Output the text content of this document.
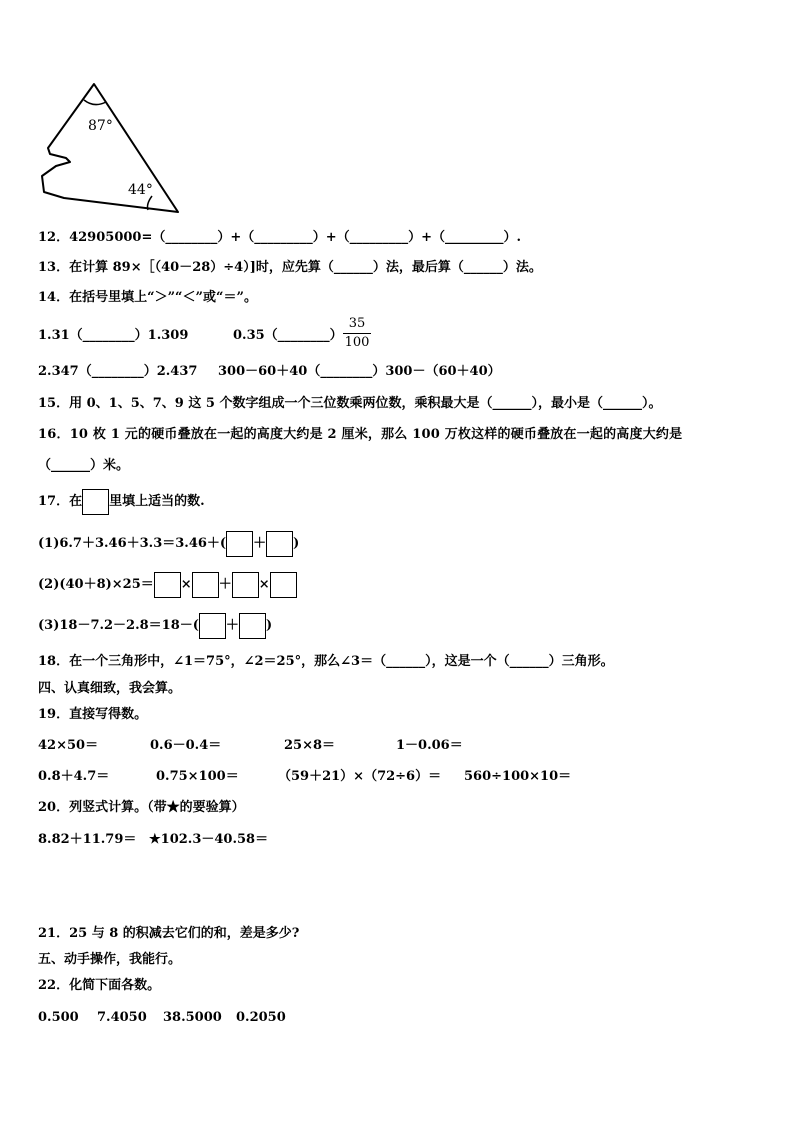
87°
44°
12．42905000=（________）+（_________）+（_________）+（_________）.
13．在计算 89×［（40－28）÷4）]时，应先算（______）法，最后算（______）法。
14．在括号里填上“＞”“＜”或“＝”。
1.31（________）1.309	0.35（________）
35
100
2.347（________）2.437 300－60＋40（________）300－（60＋40）
15．用 0、1、5、7、9 这 5 个数字组成一个三位数乘两位数，乘积最大是（______），最小是（______）。
16．10 枚 1 元的硬币叠放在一起的高度大约是 2 厘米，那么 100 万枚这样的硬币叠放在一起的高度大约是
（______）米。
17．在 里填上适当的数.
(1)6.7＋3.46＋3.3＝3.46＋( ＋ )
(2)(40＋8)×25＝ × ＋ ×
(3)18－7.2－2.8＝18－( ＋ )
18．在一个三角形中，∠1＝75°，∠2＝25°，那么∠3＝（______），这是一个（______）三角形。
四、认真细致，我会算。
19．直接写得数。
42×50＝	0.6－0.4＝	25×8＝	1－0.06＝
0.8＋4.7＝	0.75×100＝	（59＋21）×（72÷6）＝ 560÷100×10＝
20．列竖式计算。（带★的要验算）
8.82＋11.79＝ ★102.3－40.58＝
21．25 与 8 的积减去它们的和，差是多少?
五、动手操作，我能行。
22．化简下面各数。
0.500 7.4050 38.5000 0.2050
